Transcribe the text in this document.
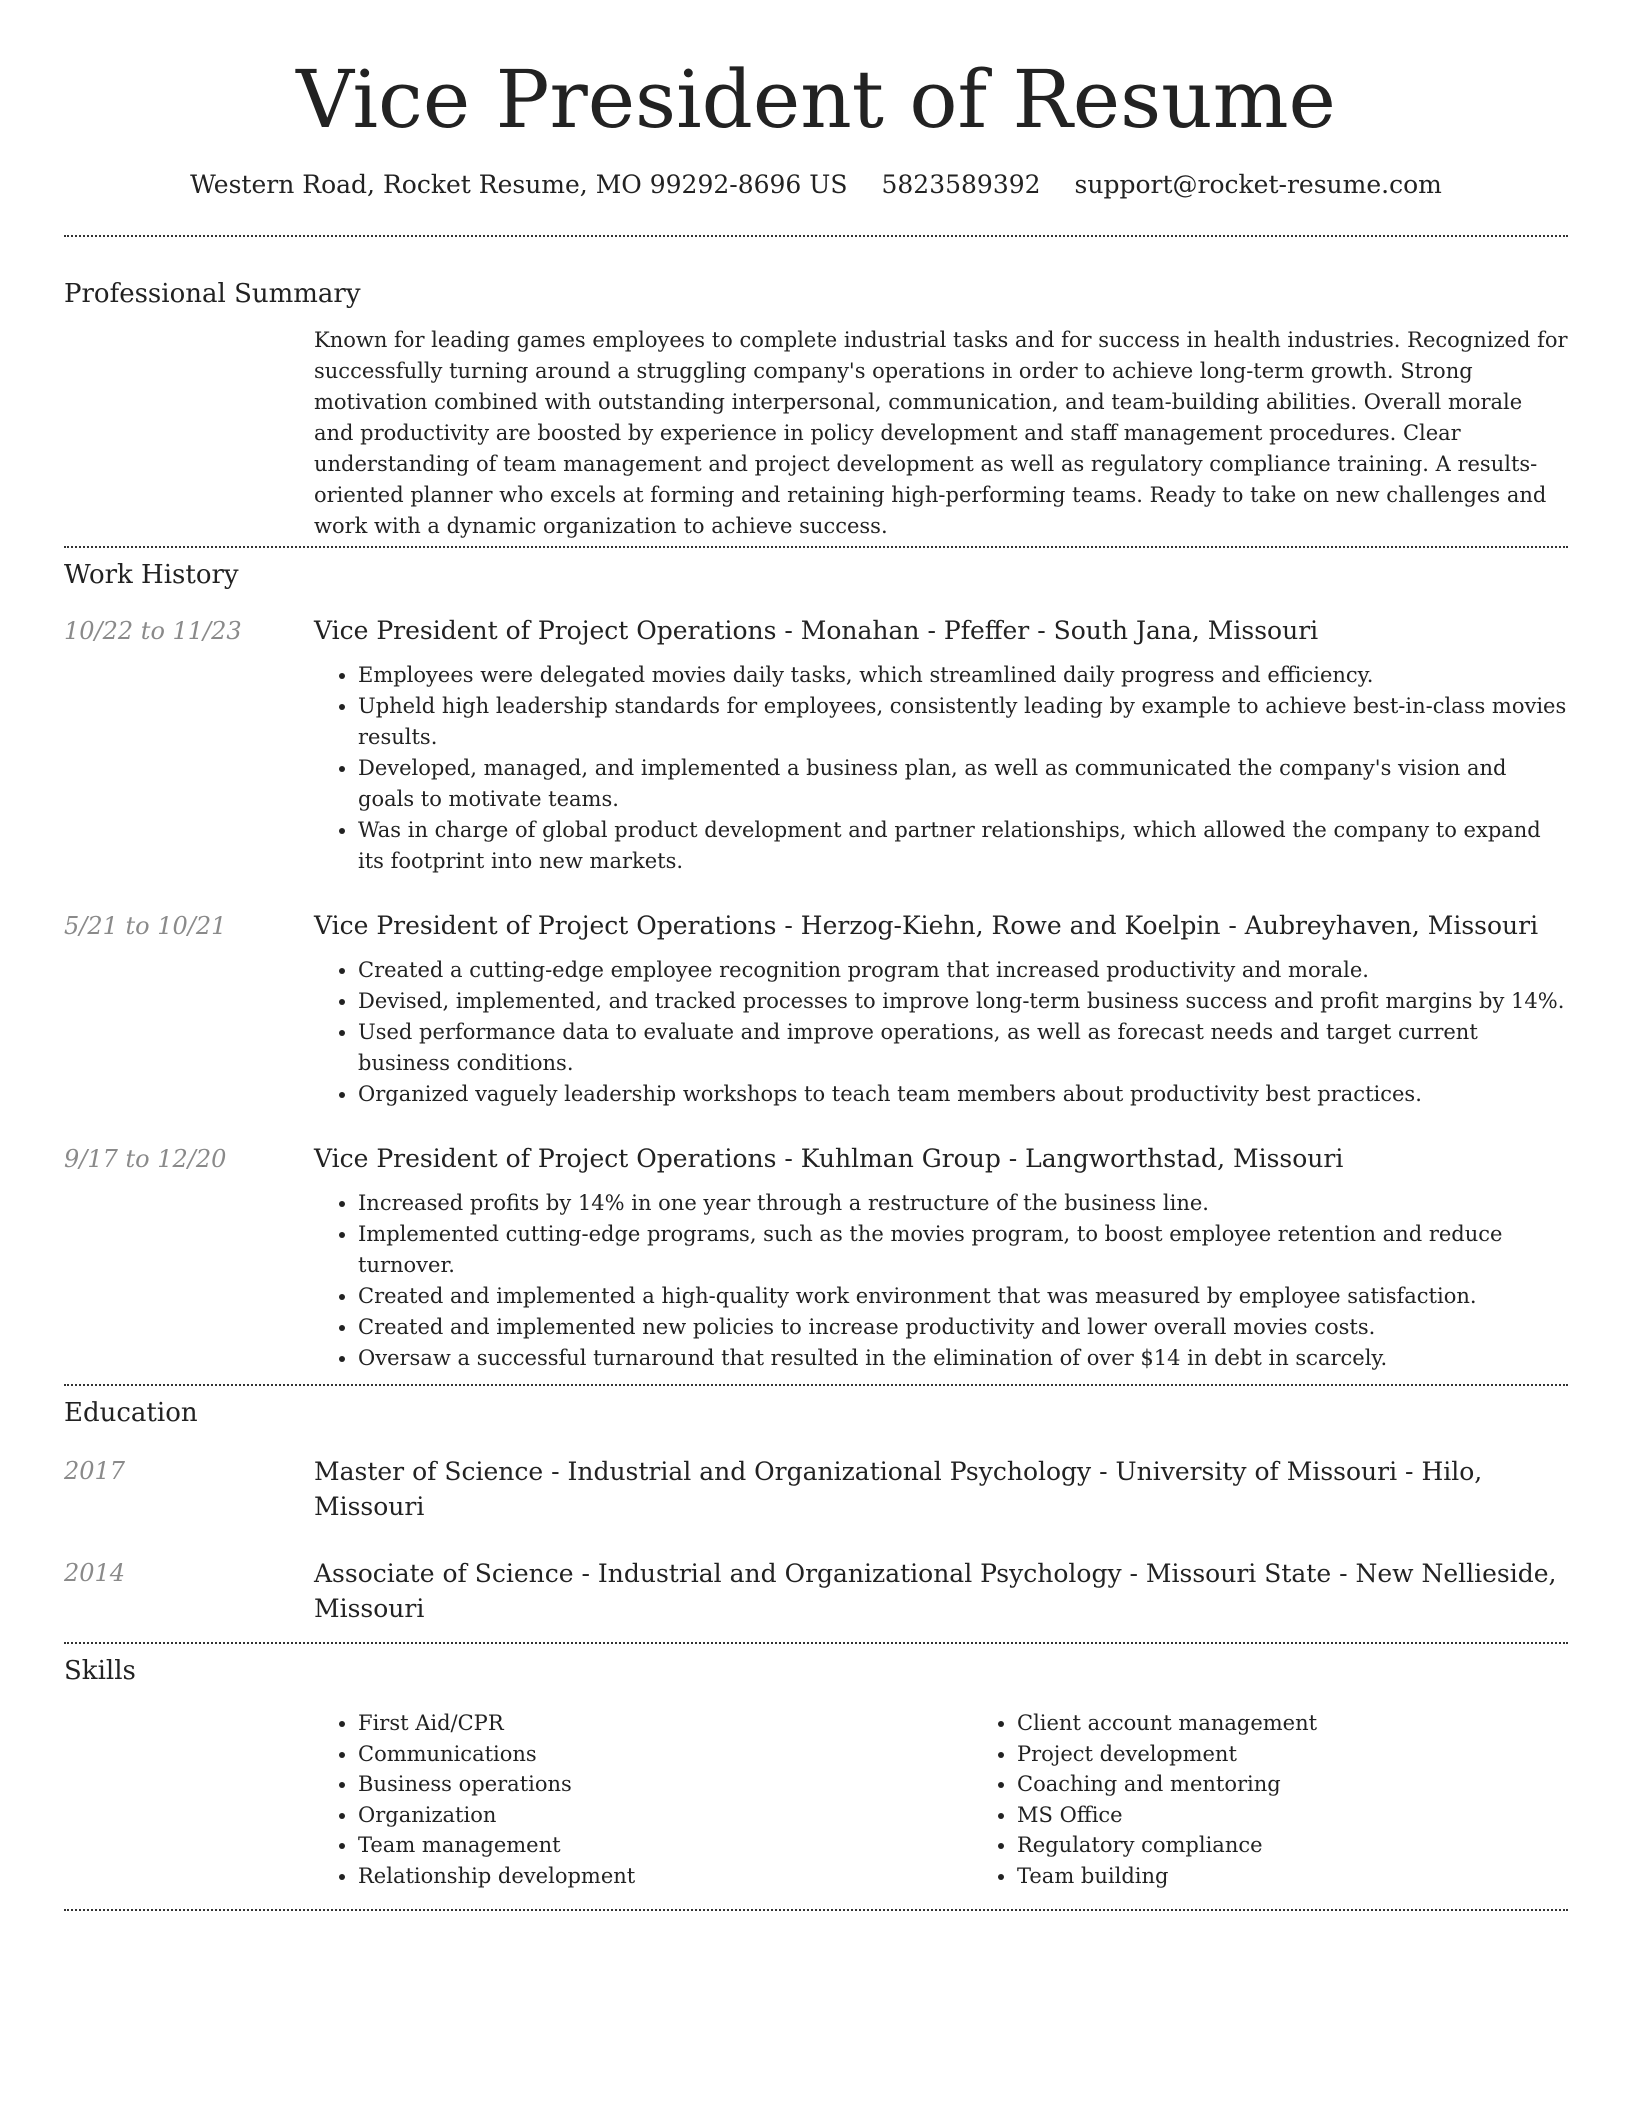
Vice President of Resume
Western Road, Rocket Resume, MO 99292-8696 US 5823589392 support@rocket-resume.com
Professional Summary

Known for leading games employees to complete industrial tasks and for success in health industries. Recognized for successfully turning around a struggling company's operations in order to achieve long-term growth. Strong motivation combined with outstanding interpersonal, communication, and team-building abilities. Overall morale and productivity are boosted by experience in policy development and staff management procedures. Clear understanding of team management and project development as well as regulatory compliance training. A results-oriented planner who excels at forming and retaining high-performing teams. Ready to take on new challenges and work with a dynamic organization to achieve success.

Work History
10/22 to 11/23	Vice President of Project Operations - Monahan - Pfeffer - South Jana, Missouri

• Employees were delegated movies daily tasks, which streamlined daily progress and efficiency.
• Upheld high leadership standards for employees, consistently leading by example to achieve best-in-class movies results.
• Developed, managed, and implemented a business plan, as well as communicated the company's vision and goals to motivate teams.
• Was in charge of global product development and partner relationships, which allowed the company to expand its footprint into new markets.
5/21 to 10/21	Vice President of Project Operations - Herzog-Kiehn, Rowe and Koelpin - Aubreyhaven, Missouri

• Created a cutting-edge employee recognition program that increased productivity and morale.
• Devised, implemented, and tracked processes to improve long-term business success and profit margins by 14%.
• Used performance data to evaluate and improve operations, as well as forecast needs and target current business conditions.
• Organized vaguely leadership workshops to teach team members about productivity best practices.
9/17 to 12/20	Vice President of Project Operations - Kuhlman Group - Langworthstad, Missouri

• Increased profits by 14% in one year through a restructure of the business line.
• Implemented cutting-edge programs, such as the movies program, to boost employee retention and reduce turnover.
• Created and implemented a high-quality work environment that was measured by employee satisfaction.
• Created and implemented new policies to increase productivity and lower overall movies costs.
• Oversaw a successful turnaround that resulted in the elimination of over $14 in debt in scarcely.
Education
2017	Master of Science - Industrial and Organizational Psychology - University of Missouri - Hilo, Missouri

2014	Associate of Science - Industrial and Organizational Psychology - Missouri State - New Nellieside, Missouri

Skills
• First Aid/CPR
• Communications
• Business operations
• Organization
• Team management
• Relationship development
• Client account management
• Project development
• Coaching and mentoring
• MS Office
• Regulatory compliance
• Team building
